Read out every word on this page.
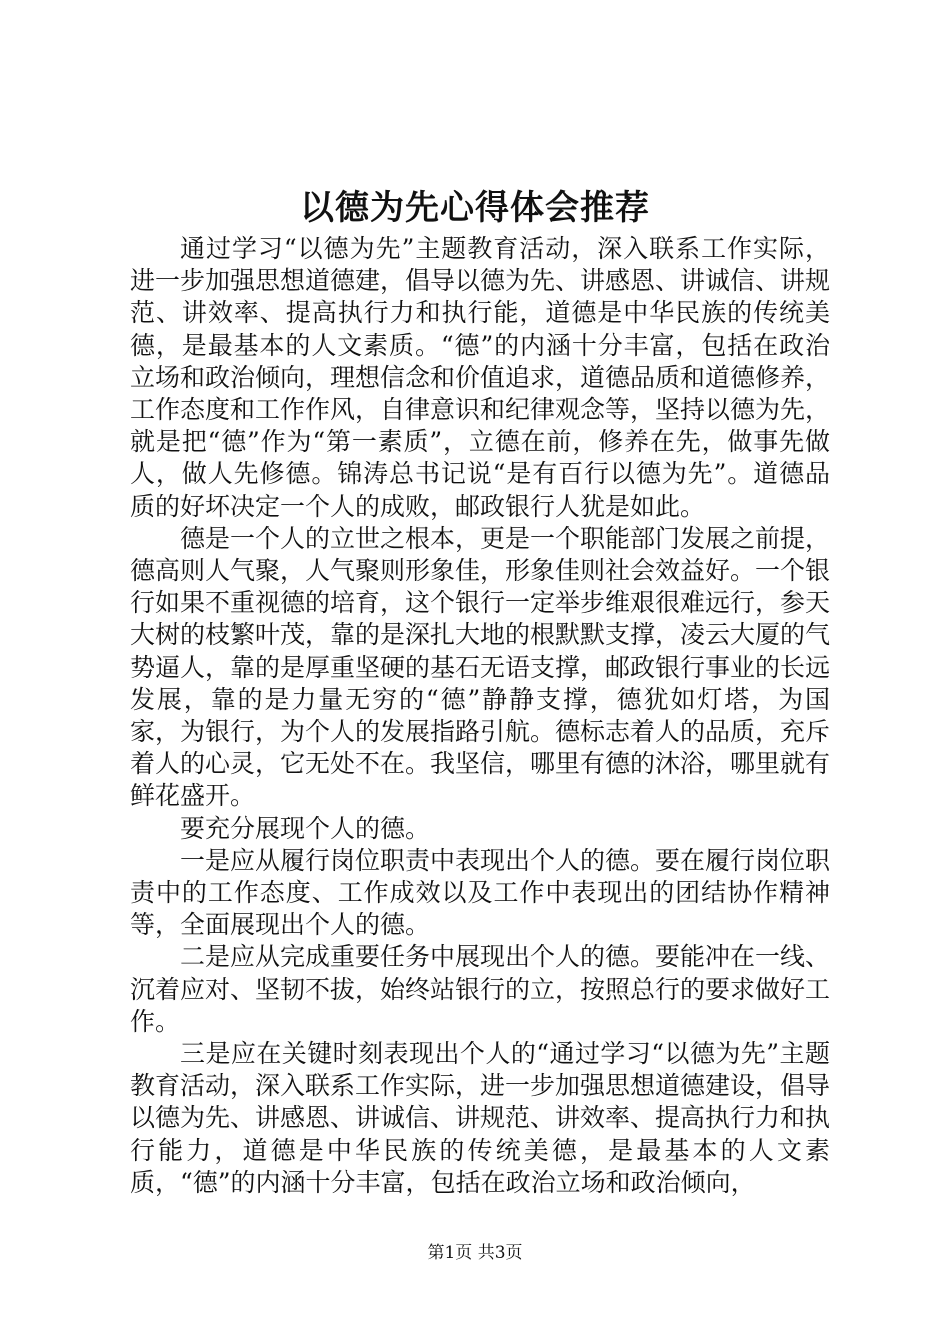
以德为先心得体会推荐

通过学习“以德为先”主题教育活动，深入联系工作实际，进一步加强思想道德建，倡导以德为先、讲感恩、讲诚信、讲规范、讲效率、提高执行力和执行能，道德是中华民族的传统美德，是最基本的人文素质。“德”的内涵十分丰富，包括在政治立场和政治倾向，理想信念和价值追求，道德品质和道德修养，工作态度和工作作风，自律意识和纪律观念等，坚持以德为先，就是把“德”作为“第一素质”，立德在前，修养在先，做事先做人，做人先修德。锦涛总书记说“是有百行以德为先”。道德品质的好坏决定一个人的成败，邮政银行人犹是如此。

德是一个人的立世之根本，更是一个职能部门发展之前提，德高则人气聚，人气聚则形象佳，形象佳则社会效益好。一个银行如果不重视德的培育，这个银行一定举步维艰很难远行，参天大树的枝繁叶茂，靠的是深扎大地的根默默支撑，凌云大厦的气势逼人，靠的是厚重坚硬的基石无语支撑，邮政银行事业的长远发展，靠的是力量无穷的“德”静静支撑，德犹如灯塔，为国家，为银行，为个人的发展指路引航。德标志着人的品质，充斥着人的心灵，它无处不在。我坚信，哪里有德的沐浴，哪里就有鲜花盛开。

要充分展现个人的德。

一是应从履行岗位职责中表现出个人的德。要在履行岗位职责中的工作态度、工作成效以及工作中表现出的团结协作精神等，全面展现出个人的德。

二是应从完成重要任务中展现出个人的德。要能冲在一线、沉着应对、坚韧不拔，始终站银行的立，按照总行的要求做好工作。

三是应在关键时刻表现出个人的“通过学习“以德为先”主题教育活动，深入联系工作实际，进一步加强思想道德建设，倡导以德为先、讲感恩、讲诚信、讲规范、讲效率、提高执行力和执行能力，道德是中华民族的传统美德，是最基本的人文素质，“德”的内涵十分丰富，包括在政治立场和政治倾向，

第1页 共3页
